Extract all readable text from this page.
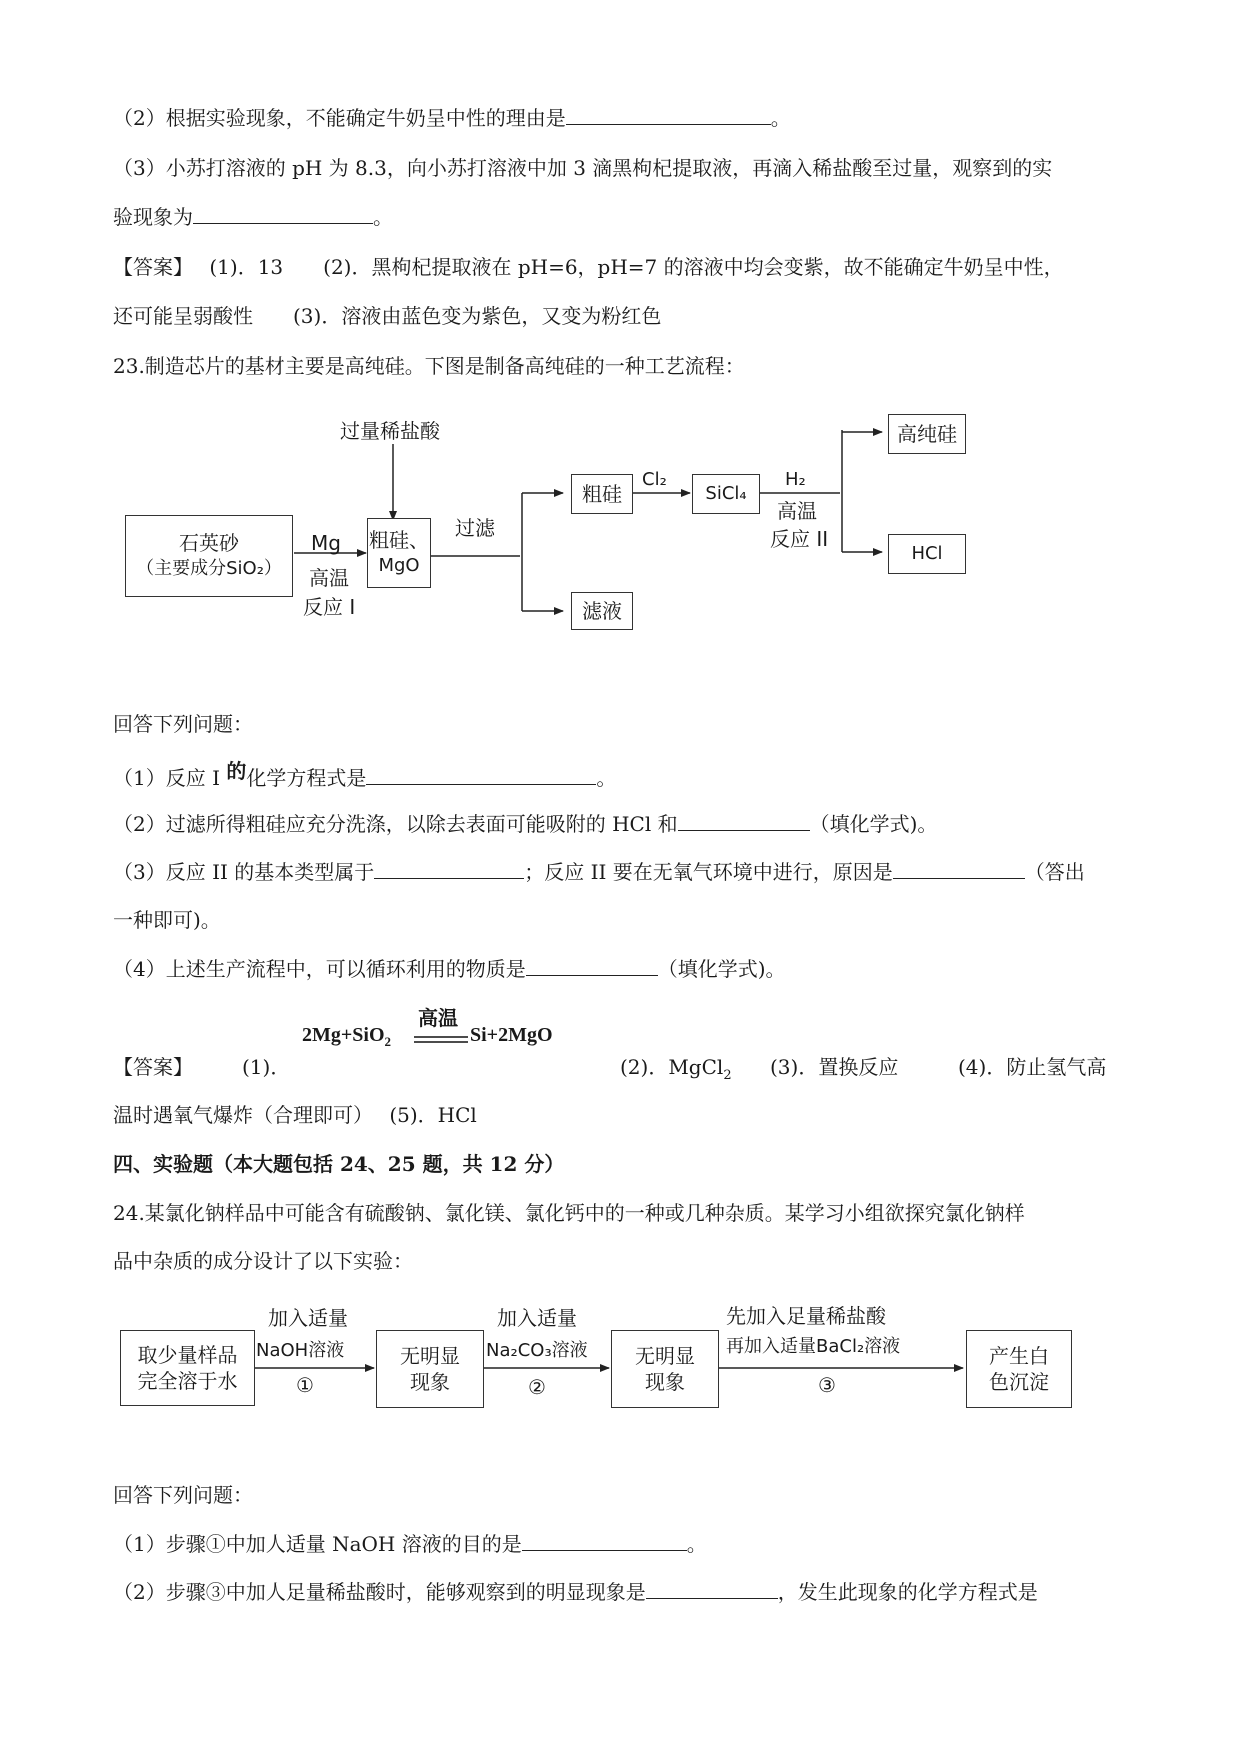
（2）根据实验现象，不能确定牛奶呈中性的理由是	。
（3）小苏打溶液的 pH 为 8.3，向小苏打溶液中加 3 滴黑枸杞提取液，再滴入稀盐酸至过量，观察到的实
验现象为	。
【答案】　 (1)．13　　(2)．黑枸杞提取液在 pH=6，pH=7 的溶液中均会变紫，故不能确定牛奶呈中性，
还可能呈弱酸性　　(3)．溶液由蓝色变为紫色，又变为粉红色
23.制造芯片的基材主要是高纯硅。下图是制备高纯硅的一种工艺流程：
石英砂
（主要成分SiO₂）
粗硅、
MgO
粗硅
滤液
SiCl₄
高纯硅
HCl
过量稀盐酸
Mg
高温
反应 I
过滤
Cl₂	H₂
高温
反应 II
回答下列问题：
（1）反应 I 的化学方程式是	。
（2）过滤所得粗硅应充分洗涤，以除去表面可能吸附的 HCl 和	（填化学式)。
（3）反应 II 的基本类型属于	；反应 II 要在无氧气环境中进行，原因是	（答出
一种即可)。
（4）上述生产流程中，可以循环利用的物质是	（填化学式)。
2Mg+SiO$_2$
高温
Si+2MgO
【答案】 (1)．	(2)．MgCl$_2$ (3)．置换反应	(4)．防止氢气高
温时遇氧气爆炸（合理即可）　 (5)．HCl
四、实验题（本大题包括 24、25 题，共 12 分）
24.某氯化钠样品中可能含有硫酸钠、氯化镁、氯化钙中的一种或几种杂质。某学习小组欲探究氯化钠样
品中杂质的成分设计了以下实验：
取少量样品
完全溶于水
无明显
现象
无明显
现象
产生白
色沉淀
加入适量
NaOH溶液
①
加入适量
Na₂CO₃溶液
②
先加入足量稀盐酸
再加入适量BaCl₂溶液
③
回答下列问题：
（1）步骤①中加人适量 NaOH 溶液的目的是	。
（2）步骤③中加人足量稀盐酸时，能够观察到的明显现象是	，发生此现象的化学方程式是
